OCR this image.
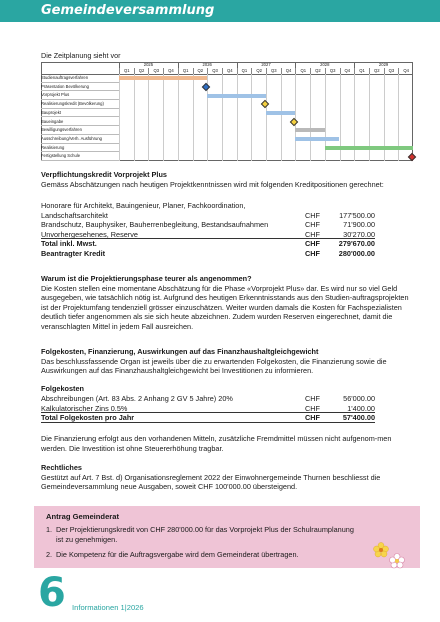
Gemeindeversammlung
Die Zeitplanung sieht vor
2025
Q1	Q2	Q3	Q4
2026
Q1	Q2	Q3	Q4
2027
Q1	Q2	Q3	Q4
2028
Q1	Q2	Q3	Q4
2029
Q1	Q2	Q3	Q4
Studienauftragsverfahren
Präsentation Bevölkerung
Vorprojekt Plus
Realisierungskredit (Bevölkerung)
Bauprojekt
Baueingabe
Bewilligungsverfahren
Ausschreibung/Verh. Ausführung
Realisierung
Fertigstellung Schule
Verpflichtungskredit Vorprojekt Plus
Gemäss Abschätzungen nach heutigen Projektkenntnissen wird mit folgenden Kreditpositionen gerechnet:
Honorare für Architekt, Bauingenieur, Planer, Fachkoordination,
Landschaftsarchitekt	CHF	177'500.00
Brandschutz, Bauphysiker, Bauherrenbegleitung, Bestandsaufnahmen	CHF	71'900.00
Unvorhergesehenes, Reserve	CHF	30'270.00
Total inkl. Mwst.	CHF	279'670.00
Beantragter Kredit	CHF	280'000.00
Warum ist die Projektierungsphase teurer als angenommen?
Die Kosten stellen eine momentane Abschätzung für die Phase «Vorprojekt Plus» dar. Es wird nur so viel Geld ausgegeben, wie tatsächlich nötig ist. Aufgrund des heutigen Erkenntnisstands aus den Studien-auftragsprojekten ist der Projektumfang tendenziell grösser einzuschätzen. Weiter wurden damals die Kosten für Fachspezialisten deutlich tiefer angenommen als sie sich heute abzeichnen. Zudem wurden Reserven eingerechnet, damit die veranschlagten Mittel in jedem Fall ausreichen.
Folgekosten, Finanzierung, Auswirkungen auf das Finanzhaushaltgleichgewicht
Das beschlussfassende Organ ist jeweils über die zu erwartenden Folgekosten, die Finanzierung sowie die Auswirkungen auf das Finanzhaushaltgleichgewicht bei Investitionen zu informieren.
Folgekosten
Abschreibungen (Art. 83 Abs. 2 Anhang 2 GV 5 Jahre) 20%	CHF	56'000.00
Kalkulatorischer Zins 0.5%	CHF	1'400.00
Total Folgekosten pro Jahr	CHF	57'400.00
Die Finanzierung erfolgt aus den vorhandenen Mitteln, zusätzliche Fremdmittel müssen nicht aufgenom-men werden. Die Investition ist ohne Steuererhöhung tragbar.
Rechtliches
Gestützt auf Art. 7 Bst. d) Organisationsreglement 2022 der Einwohnergemeinde Thurnen beschliesst die Gemeindeversammlung neue Ausgaben, soweit CHF 100'000.00 übersteigend.
Antrag Gemeinderat
1. Der Projektierungskredit von CHF 280'000.00 für das Vorprojekt Plus der Schulraumplanung ist zu genehmigen.
2. Die Kompetenz für die Auftragsvergabe wird dem Gemeinderat übertragen.
6 Informationen 1|2026
